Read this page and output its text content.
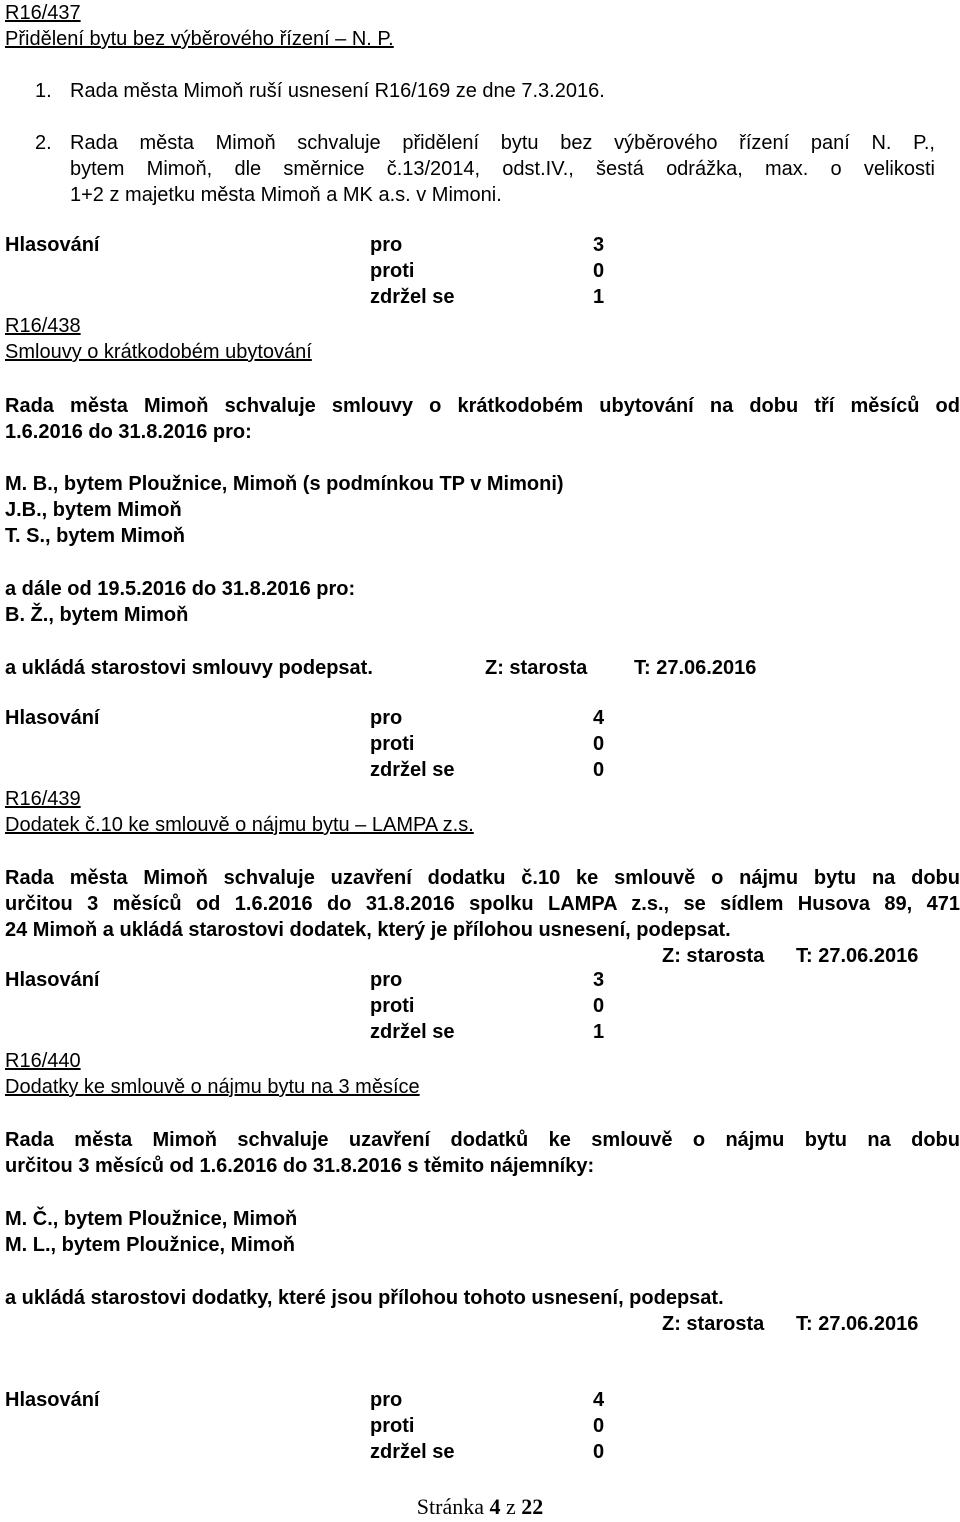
R16/437
Přidělení bytu bez výběrového řízení – N. P.
1. Rada města Mimoň ruší usnesení R16/169 ze dne 7.3.2016.
2. Rada města Mimoň schvaluje přidělení bytu bez výběrového řízení paní N. P.,
bytem Mimoň, dle směrnice č.13/2014, odst.IV., šestá odrážka, max. o velikosti
1+2 z majetku města Mimoň a MK a.s. v Mimoni.
Hlasování	pro	3
proti	0
zdržel se	1
R16/438
Smlouvy o krátkodobém ubytování
Rada města Mimoň schvaluje smlouvy o krátkodobém ubytování na dobu tří měsíců od
1.6.2016 do 31.8.2016 pro:
M. B., bytem Ploužnice, Mimoň (s podmínkou TP v Mimoni)
J.B., bytem Mimoň
T. S., bytem Mimoň
a dále od 19.5.2016 do 31.8.2016 pro:
B. Ž., bytem Mimoň
a ukládá starostovi smlouvy podepsat.	Z: starosta T: 27.06.2016
Hlasování	pro	4
proti	0
zdržel se	0
R16/439
Dodatek č.10 ke smlouvě o nájmu bytu – LAMPA z.s.
Rada města Mimoň schvaluje uzavření dodatku č.10 ke smlouvě o nájmu bytu na dobu
určitou 3 měsíců od 1.6.2016 do 31.8.2016 spolku LAMPA z.s., se sídlem Husova 89, 471
24 Mimoň a ukládá starostovi dodatek, který je přílohou usnesení, podepsat.
Z: starosta T: 27.06.2016
Hlasování	pro	3
proti	0
zdržel se	1
R16/440
Dodatky ke smlouvě o nájmu bytu na 3 měsíce
Rada města Mimoň schvaluje uzavření dodatků ke smlouvě o nájmu bytu na dobu
určitou 3 měsíců od 1.6.2016 do 31.8.2016 s těmito nájemníky:
M. Č., bytem Ploužnice, Mimoň
M. L., bytem Ploužnice, Mimoň
a ukládá starostovi dodatky, které jsou přílohou tohoto usnesení, podepsat.
Z: starosta T: 27.06.2016
Hlasování	pro	4
proti	0
zdržel se	0
Stránka 4 z 22
